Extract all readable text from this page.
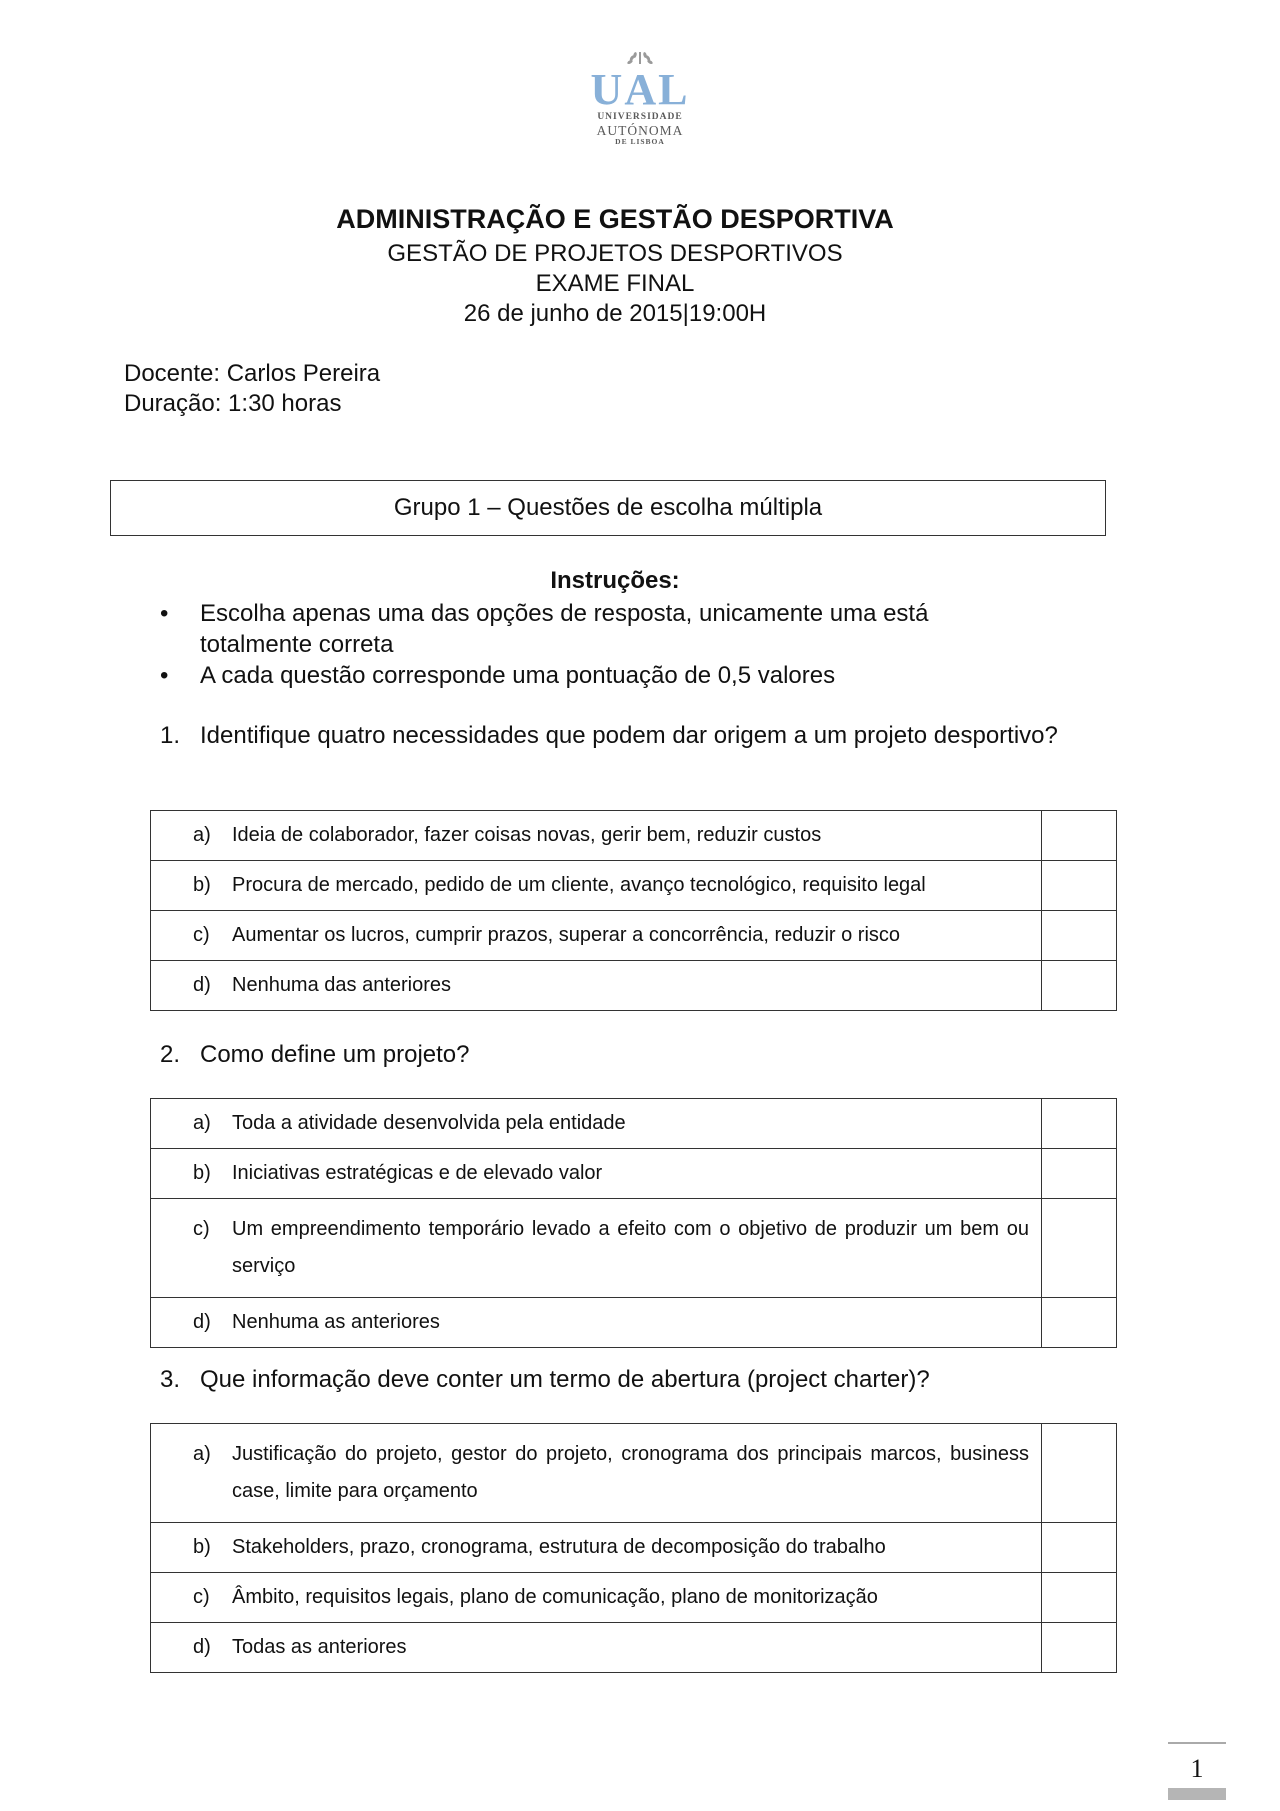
UAL
UNIVERSIDADE
AUTÓNOMA
DE LISBOA
ADMINISTRAÇÃO E GESTÃO DESPORTIVA
GESTÃO DE PROJETOS DESPORTIVOS
EXAME FINAL
26 de junho de 2015|19:00H
Docente: Carlos Pereira
Duração: 1:30 horas
Grupo 1 – Questões de escolha múltipla
Instruções:
• Escolha apenas uma das opções de resposta, unicamente uma está totalmente correta
• A cada questão corresponde uma pontuação de 0,5 valores
1. Identifique quatro necessidades que podem dar origem a um projeto desportivo?
a) Ideia de colaborador, fazer coisas novas, gerir bem, reduzir custos	

b) Procura de mercado, pedido de um cliente, avanço tecnológico, requisito legal	

c) Aumentar os lucros, cumprir prazos, superar a concorrência, reduzir o risco	

d) Nenhuma das anteriores	

2. Como define um projeto?
a) Toda a atividade desenvolvida pela entidade	

b) Iniciativas estratégicas e de elevado valor	

c) Um empreendimento temporário levado a efeito com o objetivo de produzir um bem ou serviço	

d) Nenhuma as anteriores	

3. Que informação deve conter um termo de abertura (project charter)?
a) Justificação do projeto, gestor do projeto, cronograma dos principais marcos, business case, limite para orçamento	

b) Stakeholders, prazo, cronograma, estrutura de decomposição do trabalho	

c) Âmbito, requisitos legais, plano de comunicação, plano de monitorização	

d) Todas as anteriores	

1
